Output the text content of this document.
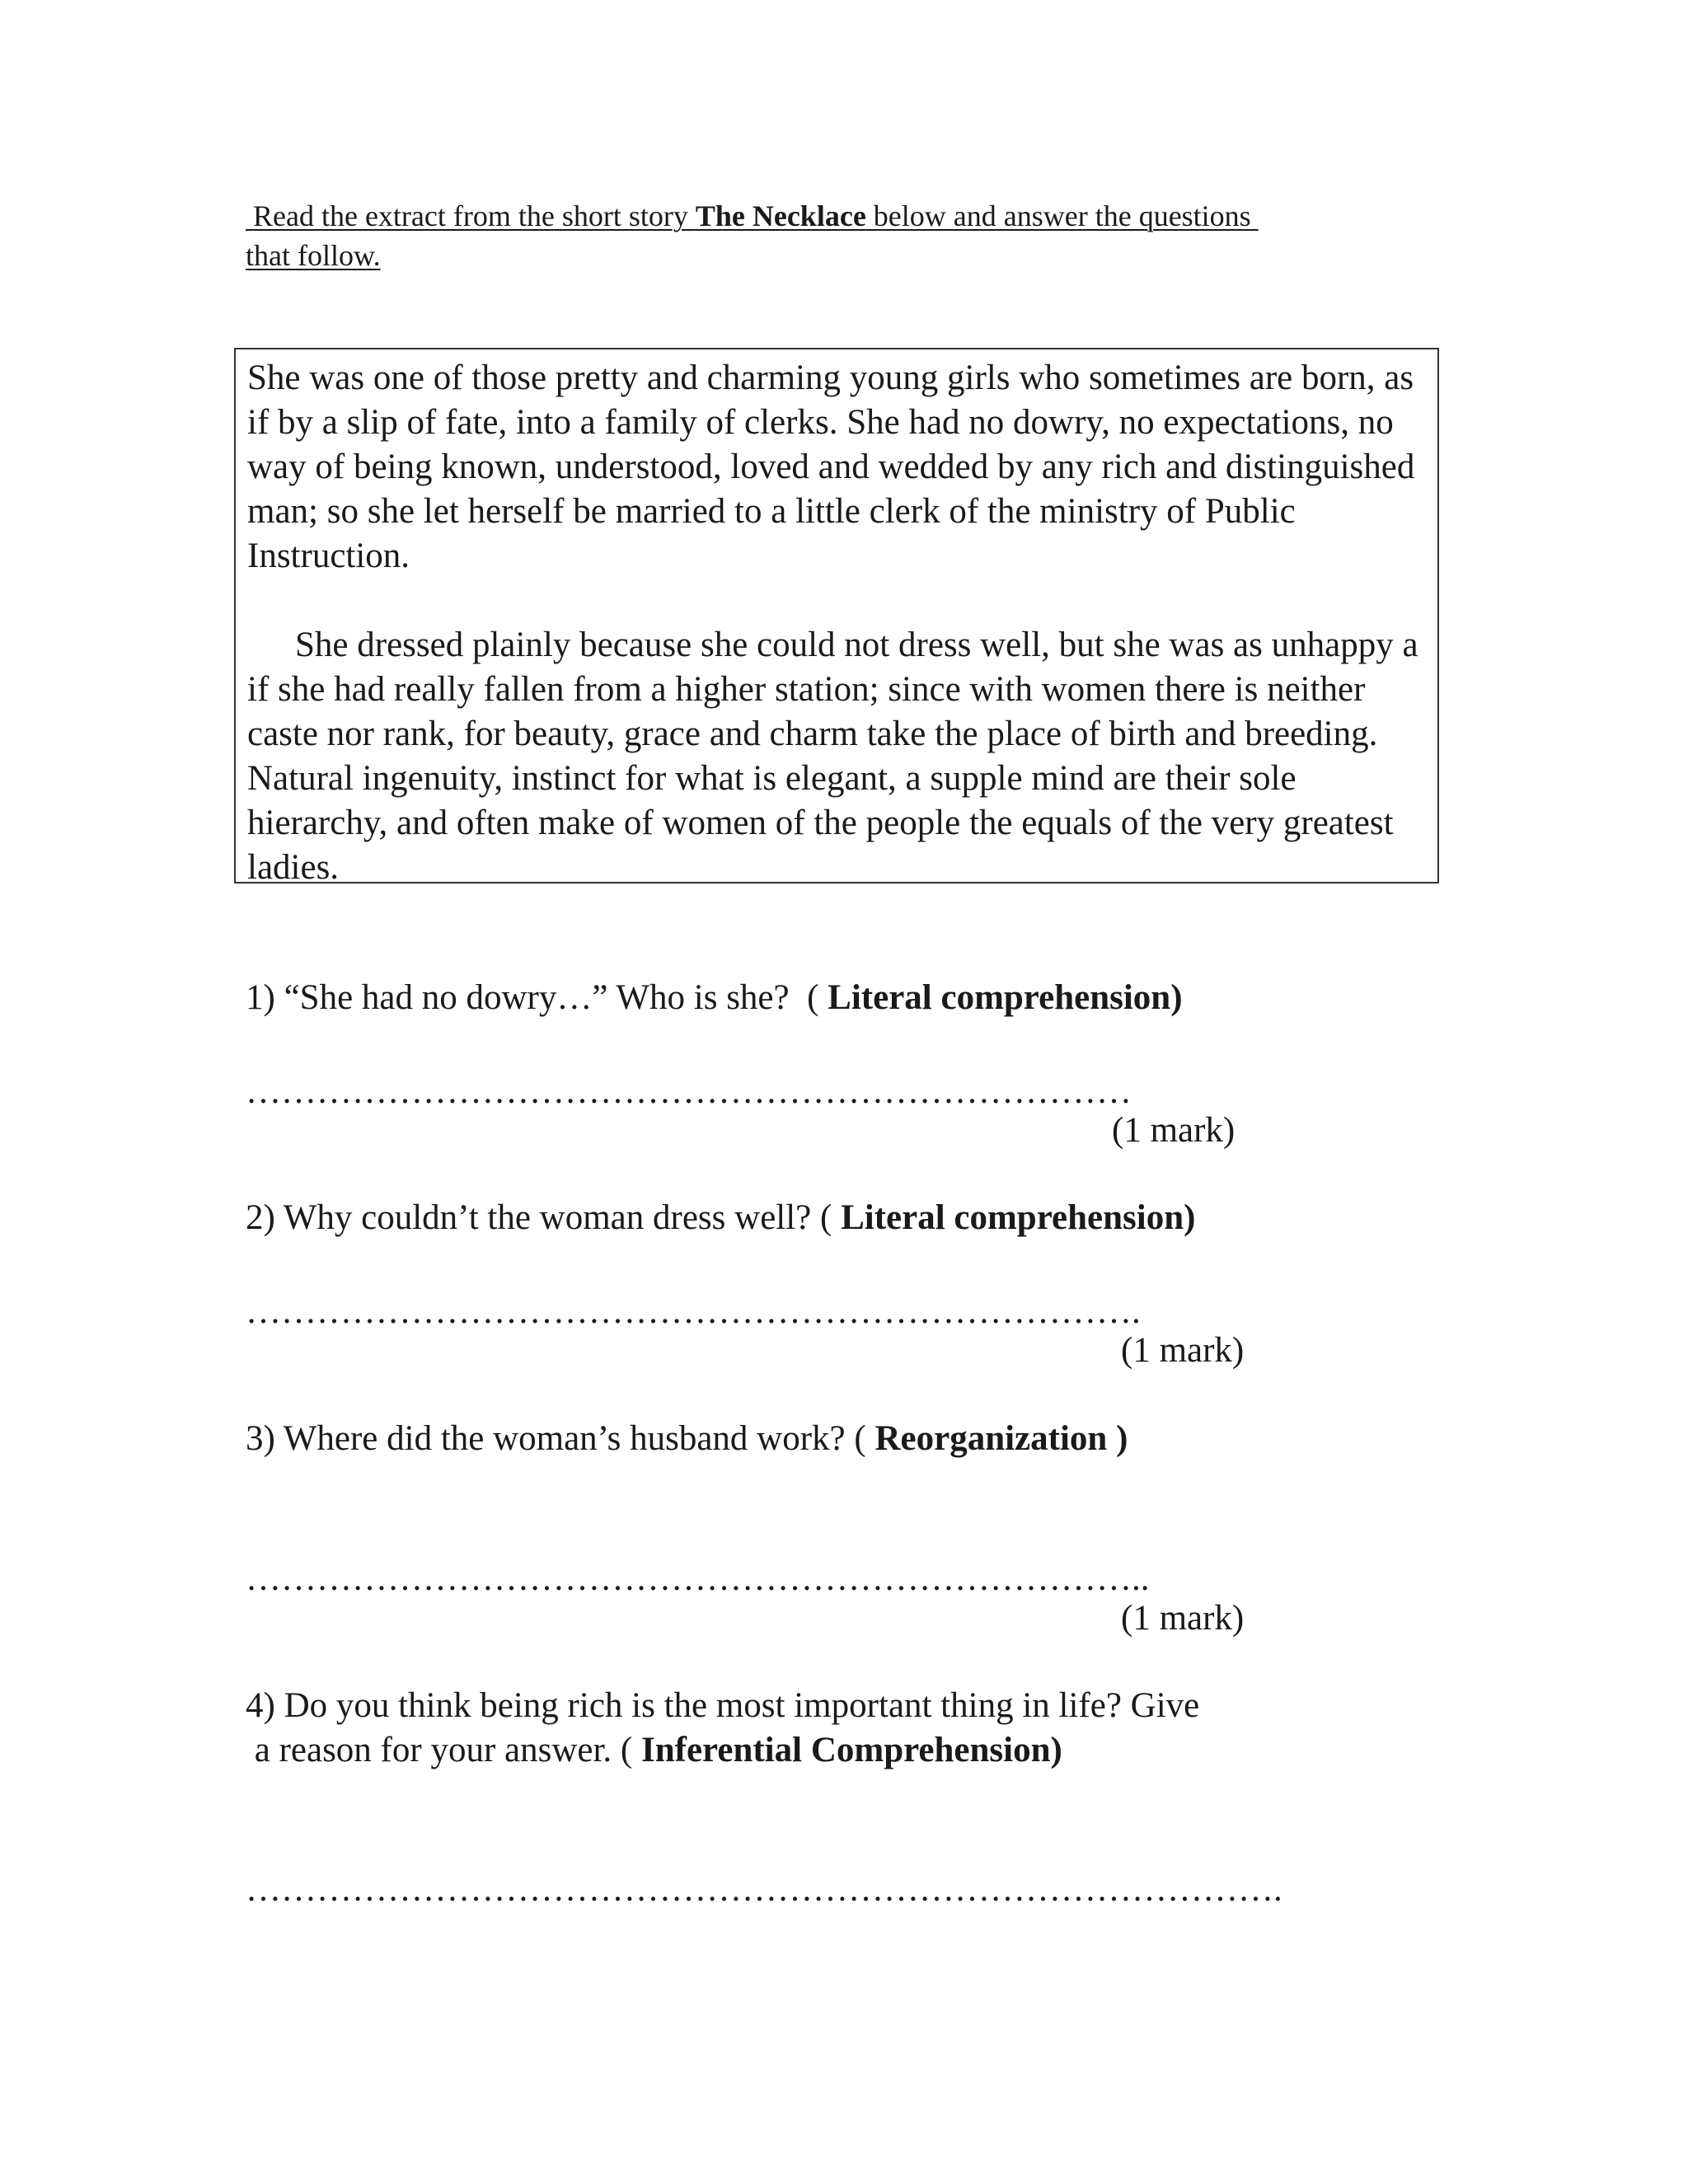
Read the extract from the short story The Necklace below and answer the questions
that follow.

She was one of those pretty and charming young girls who sometimes are born, as if by a slip of fate, into a family of clerks. She had no dowry, no expectations, no way of being known, understood, loved and wedded by any rich and distinguished man; so she let herself be married to a little clerk of the ministry of Public Instruction.

She dressed plainly because she could not dress well, but she was as unhappy a if she had really fallen from a higher station; since with women there is neither caste nor rank, for beauty, grace and charm take the place of birth and breeding. Natural ingenuity, instinct for what is elegant, a supple mind are their sole hierarchy, and often make of women of the people the equals of the very greatest ladies.

1) “She had no dowry…” Who is she?  ( Literal comprehension)
…………………………………………………………………
(1 mark)
2) Why couldn’t the woman dress well? ( Literal comprehension)
………………………………………………………………….
(1 mark)
3) Where did the woman’s husband work? ( Reorganization )
…………………………………………………………………..
(1 mark)
4) Do you think being rich is the most important thing in life? Give
a reason for your answer. ( Inferential Comprehension)
…………………………………………………………………………….
